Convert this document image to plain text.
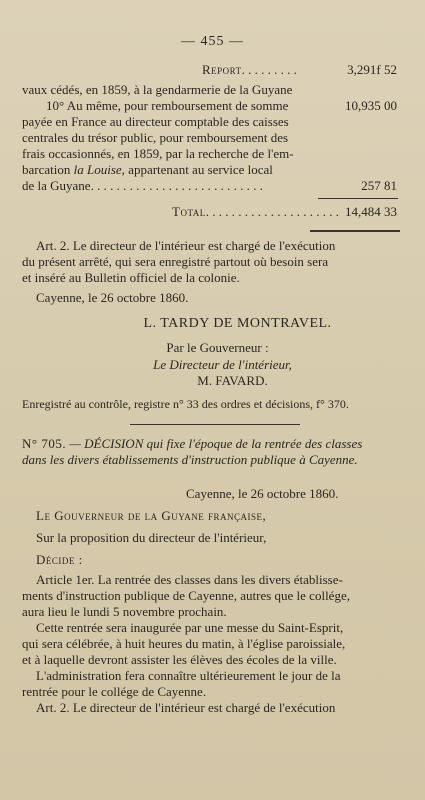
— 455 —
Report. . . . . . . . .	3,291f 52
vaux cédés, en 1859, à la gendarmerie de la Guyane
10° Au même, pour remboursement de somme	10,935 00
payée en France au directeur comptable des caisses
centrales du trésor public, pour remboursement des
frais occasionnés, en 1859, par la recherche de l'em-
barcation la Louise, appartenant au service local
de la Guyane. . . . . . . . . . . . . . . . . . . . . . . . . . .	257 81
Total. . . . . . . . . . . . . . . . . . . . . 14,484 33
Art. 2. Le directeur de l'intérieur est chargé de l'exécution
du présent arrêté, qui sera enregistré partout où besoin sera
et inséré au Bulletin officiel de la colonie.
Cayenne, le 26 octobre 1860.
L. TARDY DE MONTRAVEL.
Par le Gouverneur :
Le Directeur de l'intérieur,
M. FAVARD.
Enregistré au contrôle, registre n° 33 des ordres et décisions, f° 370.
N° 705. — DÉCISION qui fixe l'époque de la rentrée des classes
dans les divers établissements d'instruction publique à Cayenne.
Cayenne, le 26 octobre 1860.
Le Gouverneur de la Guyane française,
Sur la proposition du directeur de l'intérieur,
Décide :
Article 1er. La rentrée des classes dans les divers établisse-
ments d'instruction publique de Cayenne, autres que le collége,
aura lieu le lundi 5 novembre prochain.
Cette rentrée sera inaugurée par une messe du Saint-Esprit,
qui sera célébrée, à huit heures du matin, à l'église paroissiale,
et à laquelle devront assister les élèves des écoles de la ville.
L'administration fera connaître ultérieurement le jour de la
rentrée pour le collége de Cayenne.
Art. 2. Le directeur de l'intérieur est chargé de l'exécution
